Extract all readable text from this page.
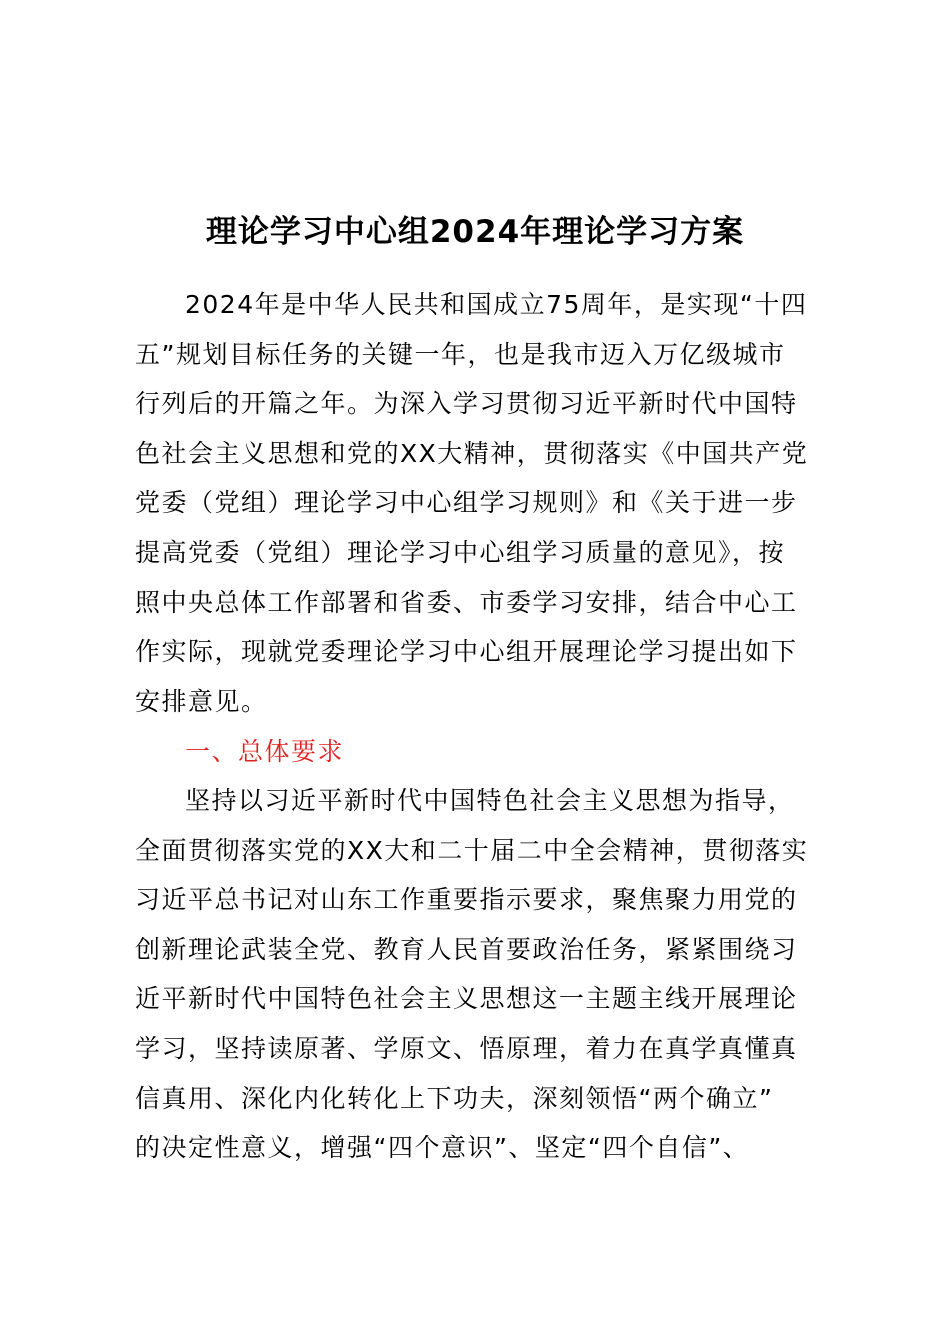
理论学习中心组2024年理论学习方案
2024年是中华人民共和国成立75周年，是实现“十四
五”规划目标任务的关键一年，也是我市迈入万亿级城市
行列后的开篇之年。为深入学习贯彻习近平新时代中国特
色社会主义思想和党的XX大精神，贯彻落实《中国共产党
党委（党组）理论学习中心组学习规则》和《关于进一步
提高党委（党组）理论学习中心组学习质量的意见》，按
照中央总体工作部署和省委、市委学习安排，结合中心工
作实际，现就党委理论学习中心组开展理论学习提出如下
安排意见。
一、总体要求
坚持以习近平新时代中国特色社会主义思想为指导，
全面贯彻落实党的XX大和二十届二中全会精神，贯彻落实
习近平总书记对山东工作重要指示要求，聚焦聚力用党的
创新理论武装全党、教育人民首要政治任务，紧紧围绕习
近平新时代中国特色社会主义思想这一主题主线开展理论
学习，坚持读原著、学原文、悟原理，着力在真学真懂真
信真用、深化内化转化上下功夫，深刻领悟“两个确立”
的决定性意义，增强“四个意识”、坚定“四个自信”、
